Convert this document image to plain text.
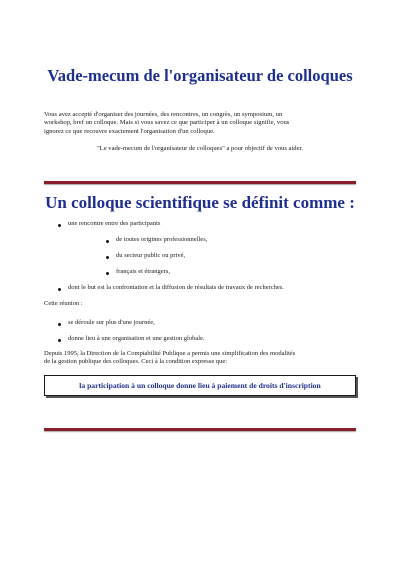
Vade-mecum de l'organisateur de colloques
Vous avez accepté d'organiser des journées, des rencontres, un congrès, un symposium, un
workshop, bref un colloque. Mais si vous savez ce que participer à un colloque signifie, vous
ignorez ce que recouvre exactement l'organisation d'un colloque.
"Le vade-mecum de l'organisateur de colloques" a pour objectif de vous aider.
Un colloque scientifique se définit comme :
une rencontre entre des participants
de toutes origines professionnelles,
du secteur public ou privé,
français et étrangers,
dont le but est la confrontation et la diffusion de résultats de travaux de recherches.
Cette réunion :
se déroule sur plus d'une journée,
donne lieu à une organisation et une gestion globale.
Depuis 1995, la Direction de la Comptabilité Publique a permis une simplification des modalités
de la gestion publique des colloques. Ceci à la condition expresse que:
la participation à un colloque donne lieu à paiement de droits d'inscription
